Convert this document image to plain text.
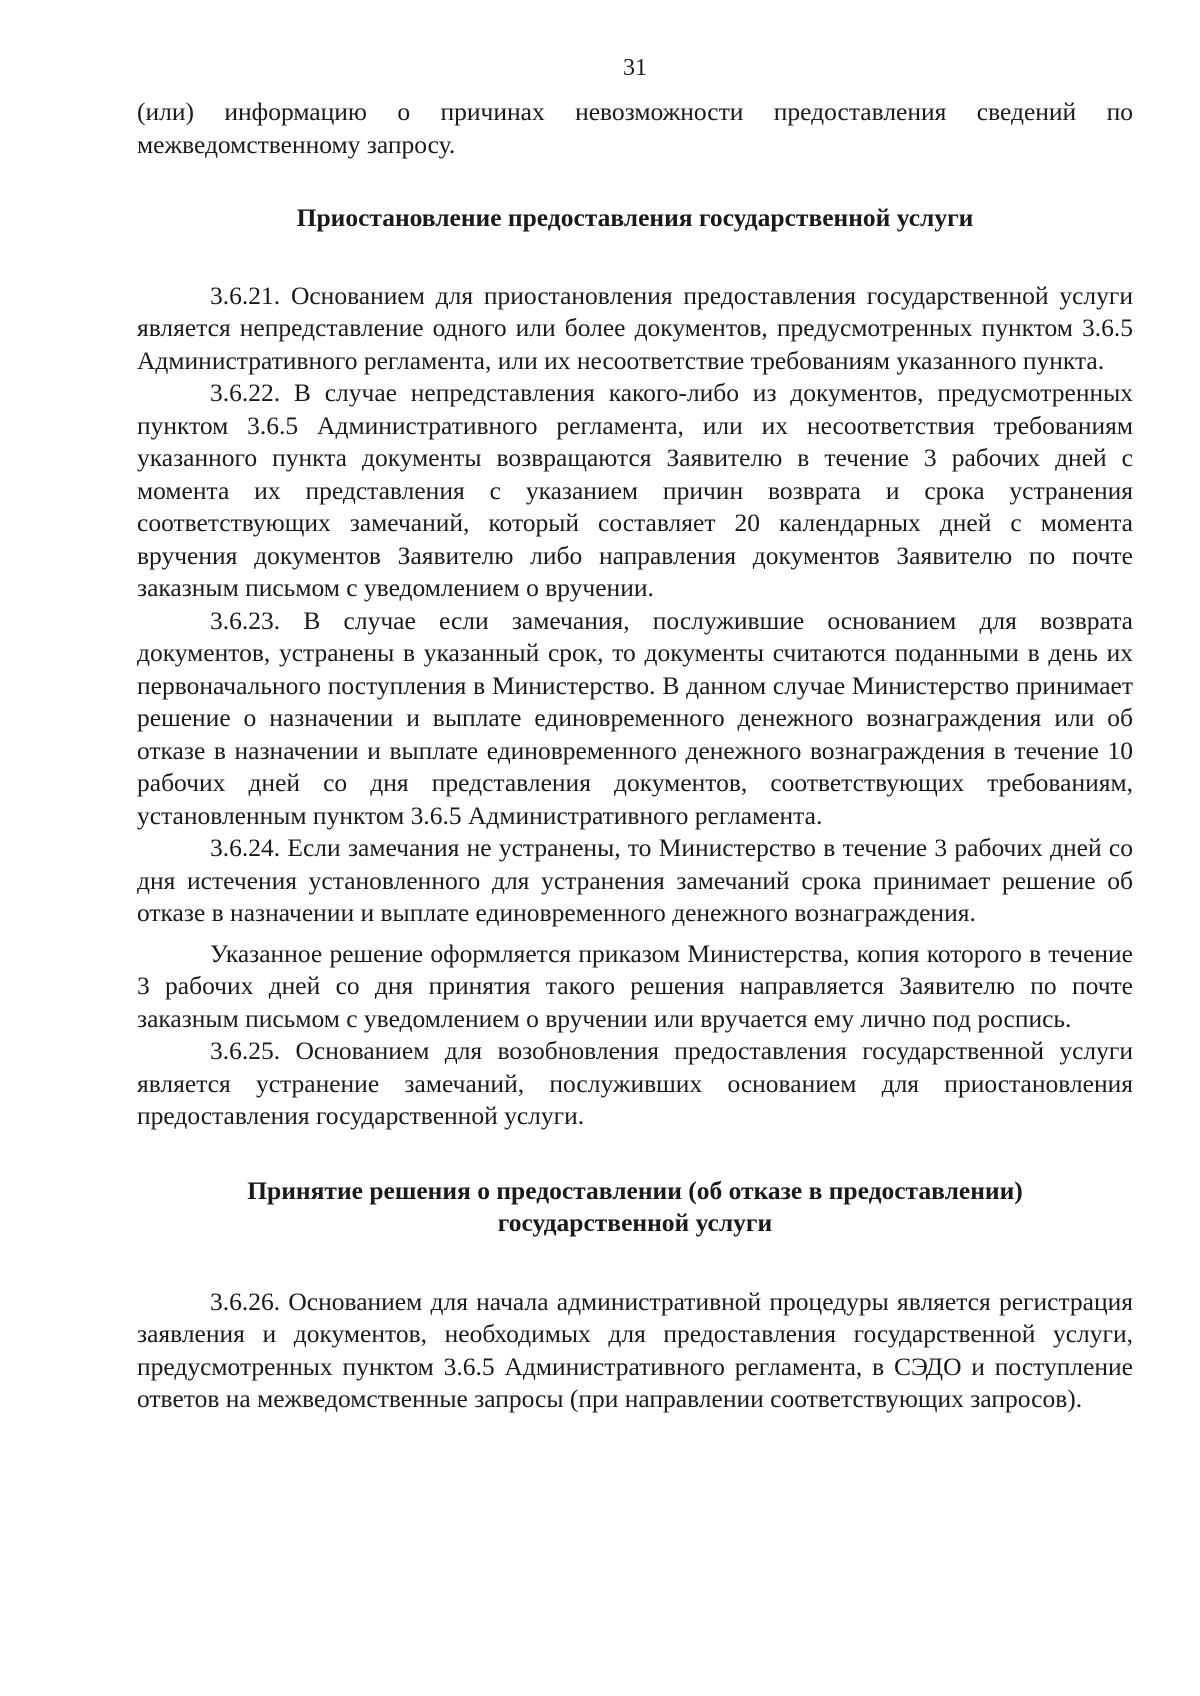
31

(или) информацию о причинах невозможности предоставления сведений по межведомственному запросу.

Приостановление предоставления государственной услуги

3.6.21. Основанием для приостановления предоставления государственной услуги является непредставление одного или более документов, предусмотренных пунктом 3.6.5 Административного регламента, или их несоответствие требованиям указанного пункта.

3.6.22. В случае непредставления какого-либо из документов, предусмотренных пунктом 3.6.5 Административного регламента, или их несоответствия требованиям указанного пункта документы возвращаются Заявителю в течение 3 рабочих дней с момента их представления с указанием причин возврата и срока устранения соответствующих замечаний, который составляет 20 календарных дней с момента вручения документов Заявителю либо направления документов Заявителю по почте заказным письмом с уведомлением о вручении.

3.6.23. В случае если замечания, послужившие основанием для возврата документов, устранены в указанный срок, то документы считаются поданными в день их первоначального поступления в Министерство. В данном случае Министерство принимает решение о назначении и выплате единовременного денежного вознаграждения или об отказе в назначении и выплате единовременного денежного вознаграждения в течение 10 рабочих дней со дня представления документов, соответствующих требованиям, установленным пунктом 3.6.5 Административного регламента.

3.6.24. Если замечания не устранены, то Министерство в течение 3 рабочих дней со дня истечения установленного для устранения замечаний срока принимает решение об отказе в назначении и выплате единовременного денежного вознаграждения.

Указанное решение оформляется приказом Министерства, копия которого в течение 3 рабочих дней со дня принятия такого решения направляется Заявителю по почте заказным письмом с уведомлением о вручении или вручается ему лично под роспись.

3.6.25. Основанием для возобновления предоставления государственной услуги является устранение замечаний, послуживших основанием для приостановления предоставления государственной услуги.

Принятие решения о предоставлении (об отказе в предоставлении)
государственной услуги

3.6.26. Основанием для начала административной процедуры является регистрация заявления и документов, необходимых для предоставления государственной услуги, предусмотренных пунктом 3.6.5 Административного регламента, в СЭДО и поступление ответов на межведомственные запросы (при направлении соответствующих запросов).
